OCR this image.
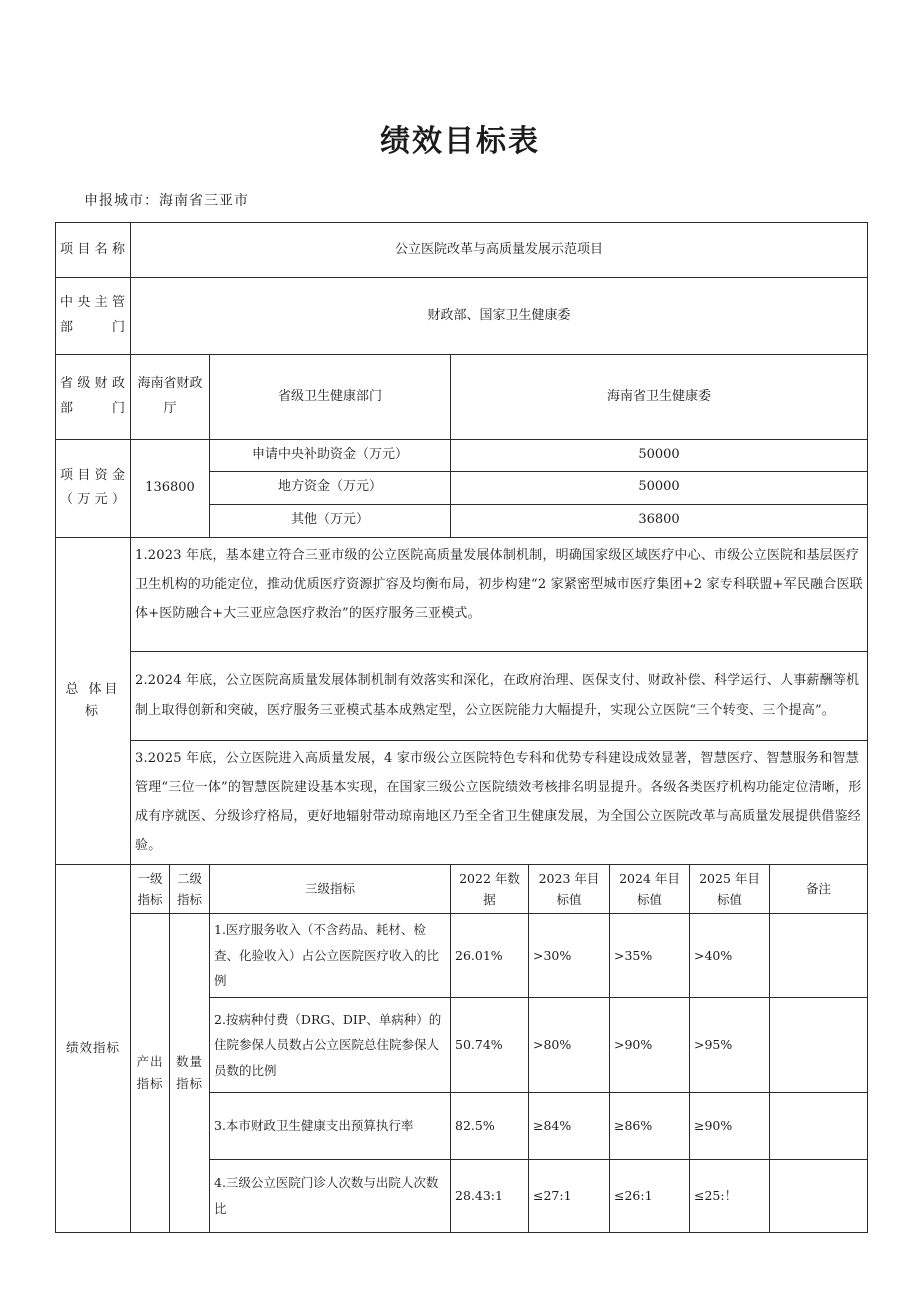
绩效目标表

申报城市：海南省三亚市

项目名称	公立医院改革与高质量发展示范项目							
中央主管部门	财政部、国家卫生健康委							
省级财政部门	海南省财政厅		省级卫生健康部门	海南省卫生健康委				
项目资金（万元）	136800		申请中央补助资金（万元）	50000				
			地方资金（万元）	50000				
			其他（万元）	36800				
总 体目标	1.2023 年底，基本建立符合三亚市级的公立医院高质量发展体制机制，明确国家级区域医疗中心、市级公立医院和基层医疗卫生机构的功能定位，推动优质医疗资源扩容及均衡布局，初步构建“2 家紧密型城市医疗集团+2 家专科联盟+军民融合医联体+医防融合+大三亚应急医疗救治”的医疗服务三亚模式。							
	2.2024 年底，公立医院高质量发展体制机制有效落实和深化，在政府治理、医保支付、财政补偿、科学运行、人事薪酬等机制上取得创新和突破，医疗服务三亚模式基本成熟定型，公立医院能力大幅提升，实现公立医院“三个转变、三个提高”。							
	3.2025 年底，公立医院进入高质量发展，4 家市级公立医院特色专科和优势专科建设成效显著，智慧医疗、智慧服务和智慧管理“三位一体”的智慧医院建设基本实现，在国家三级公立医院绩效考核排名明显提升。各级各类医疗机构功能定位清晰，形成有序就医、分级诊疗格局，更好地辐射带动琼南地区乃至全省卫生健康发展，为全国公立医院改革与高质量发展提供借鉴经验。							
绩效指标	一级指标	二级指标	三级指标	2022 年数据	2023 年目标值	2024 年目标值	2025 年目标值	备注
	产出指标	数量指标	1.医疗服务收入（不含药品、耗材、检查、化验收入）占公立医院医疗收入的比例	26.01%	>30%	>35%	>40%	
			2.按病种付费（DRG、DIP、单病种）的住院参保人员数占公立医院总住院参保人员数的比例	50.74%	>80%	>90%	>95%	
			3.本市财政卫生健康支出预算执行率	82.5%	≥84%	≥86%	≥90%	
			4.三级公立医院门诊人次数与出院人次数比	28.43:1	≤27:1	≤26:1	≤25:！	
